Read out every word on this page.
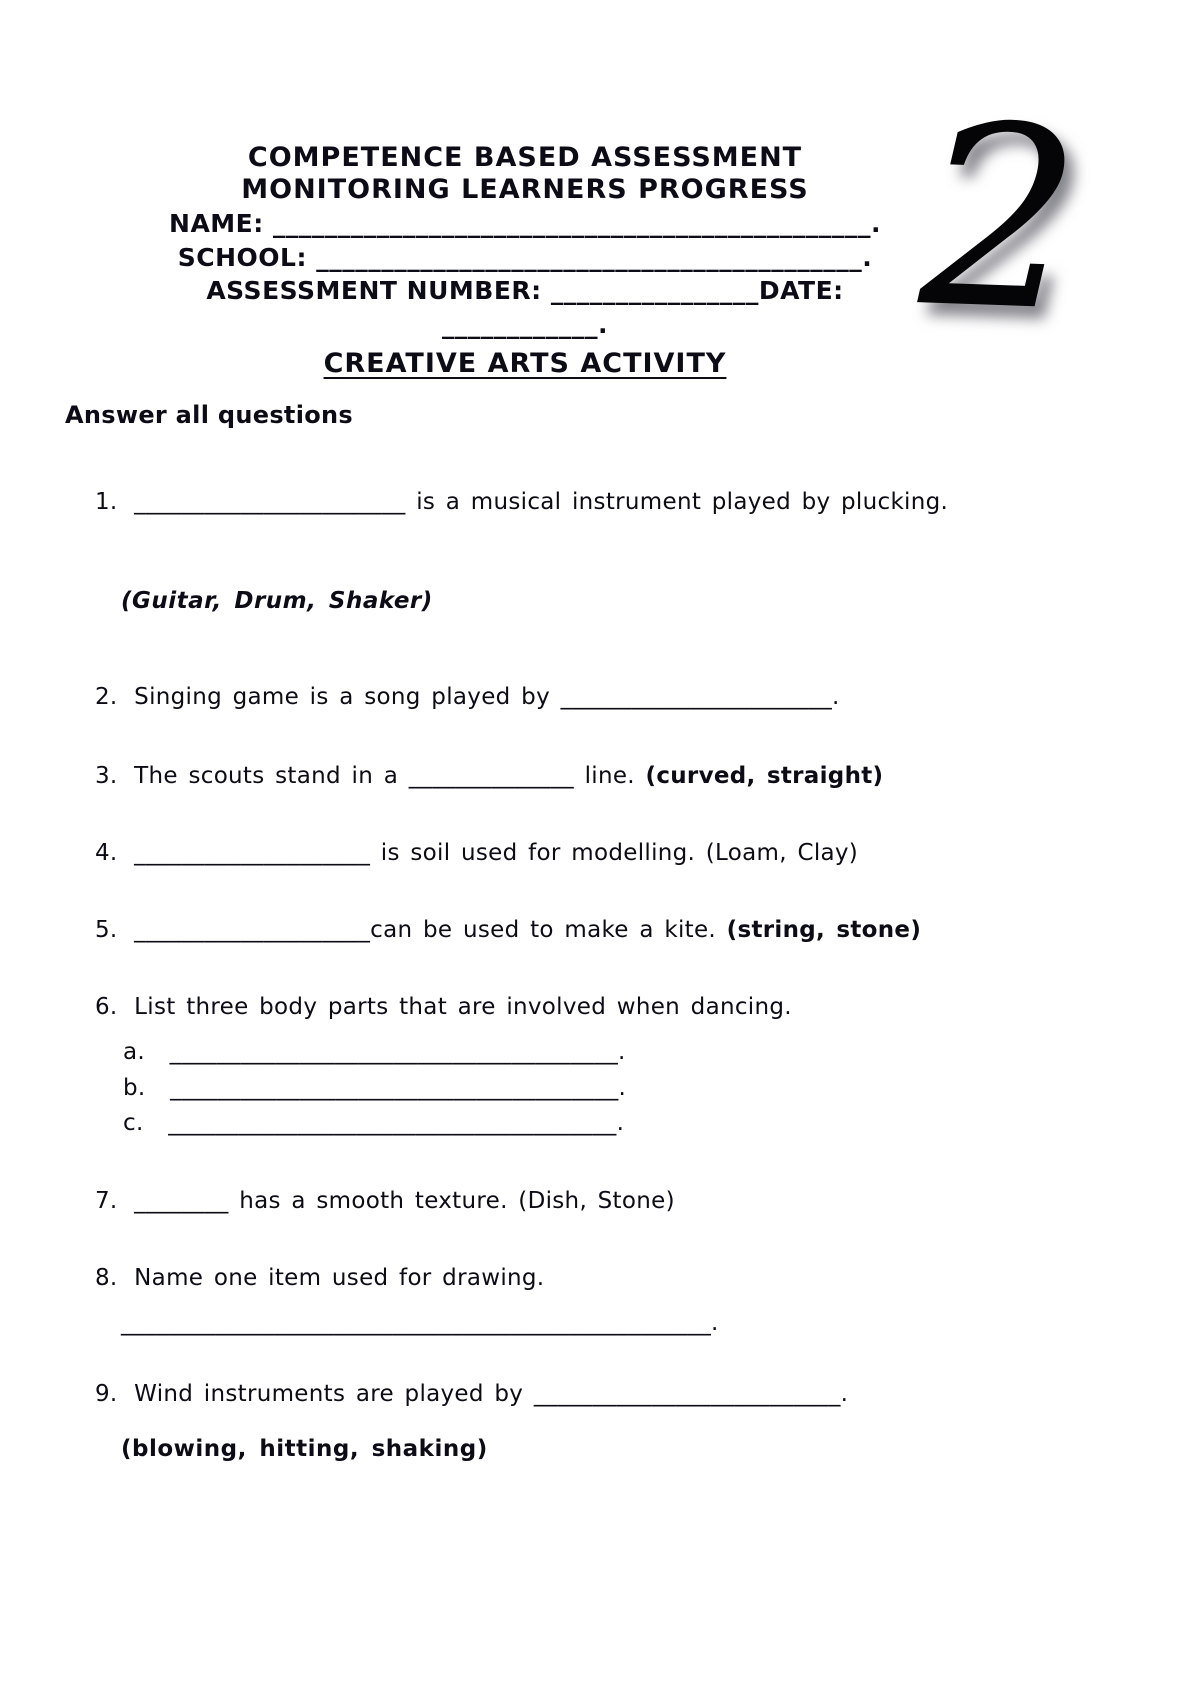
2
COMPETENCE BASED ASSESSMENT
MONITORING LEARNERS PROGRESS
NAME: ______________________________________________.
SCHOOL: __________________________________________.
ASSESSMENT NUMBER: ________________DATE:
____________.
CREATIVE ARTS ACTIVITY
Answer all questions
1. _______________________ is a musical instrument played by plucking.
(Guitar, Drum, Shaker)
2. Singing game is a song played by _______________________.
3. The scouts stand in a ______________ line. (curved, straight)
4. ____________________ is soil used for modelling. (Loam, Clay)
5. ____________________can be used to make a kite. (string, stone)
6. List three body parts that are involved when dancing.
a. ______________________________________.
b. ______________________________________.
c. ______________________________________.
7. ________ has a smooth texture. (Dish, Stone)
8. Name one item used for drawing.
__________________________________________________.
9. Wind instruments are played by __________________________.
(blowing, hitting, shaking)
